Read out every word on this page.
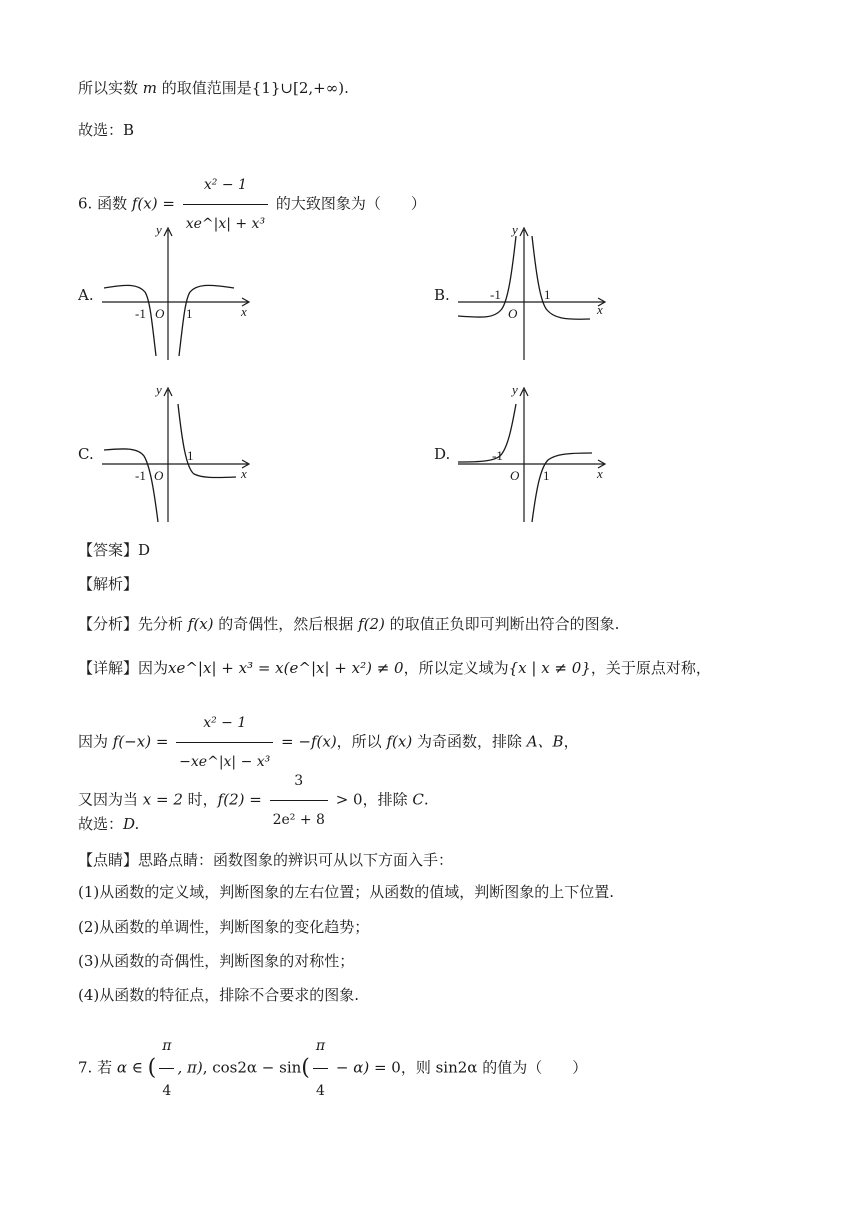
所以实数 m 的取值范围是{1}∪[2,+∞).
故选：B
6. 函数 $f(x) = \frac{\text{x² − 1}}{\text{xe\textasciicircum{}|x| + x³}}$ 的大致图象为（　　）
A.	B.
C.	D.
y
x
-1 O 1
y
x
-1
O
1
y
x
-1 O
1
y
x
-1
O 1
【答案】D
【解析】
【分析】先分析 f(x) 的奇偶性，然后根据 f(2) 的取值正负即可判断出符合的图象.
【详解】因为xe^|x| + x³ = x(e^|x| + x²) ≠ 0，所以定义域为{x | x ≠ 0}，关于原点对称，
因为 $f(-x) = \frac{\text{x² − 1}}{\text{−xe\textasciicircum{}|x| − x³}} = -f(x)$，所以 f(x) 为奇函数，排除 A、B，
又因为当 x = 2 时，$f(2) = \frac{3}{\text{2e² + 8}} > 0$，排除 C.
故选：D.
【点睛】思路点睛：函数图象的辨识可从以下方面入手：
(1)从函数的定义域，判断图象的左右位置；从函数的值域，判断图象的上下位置.
(2)从函数的单调性，判断图象的变化趋势；
(3)从函数的奇偶性，判断图象的对称性；
(4)从函数的特征点，排除不合要求的图象.
7. 若 α ∈ ( $\frac{\pi}{4}$ , π), $\cos 2\alpha - \sin( \frac{\pi}{4} - \alpha) = 0$，则 sin2α 的值为（　　）
